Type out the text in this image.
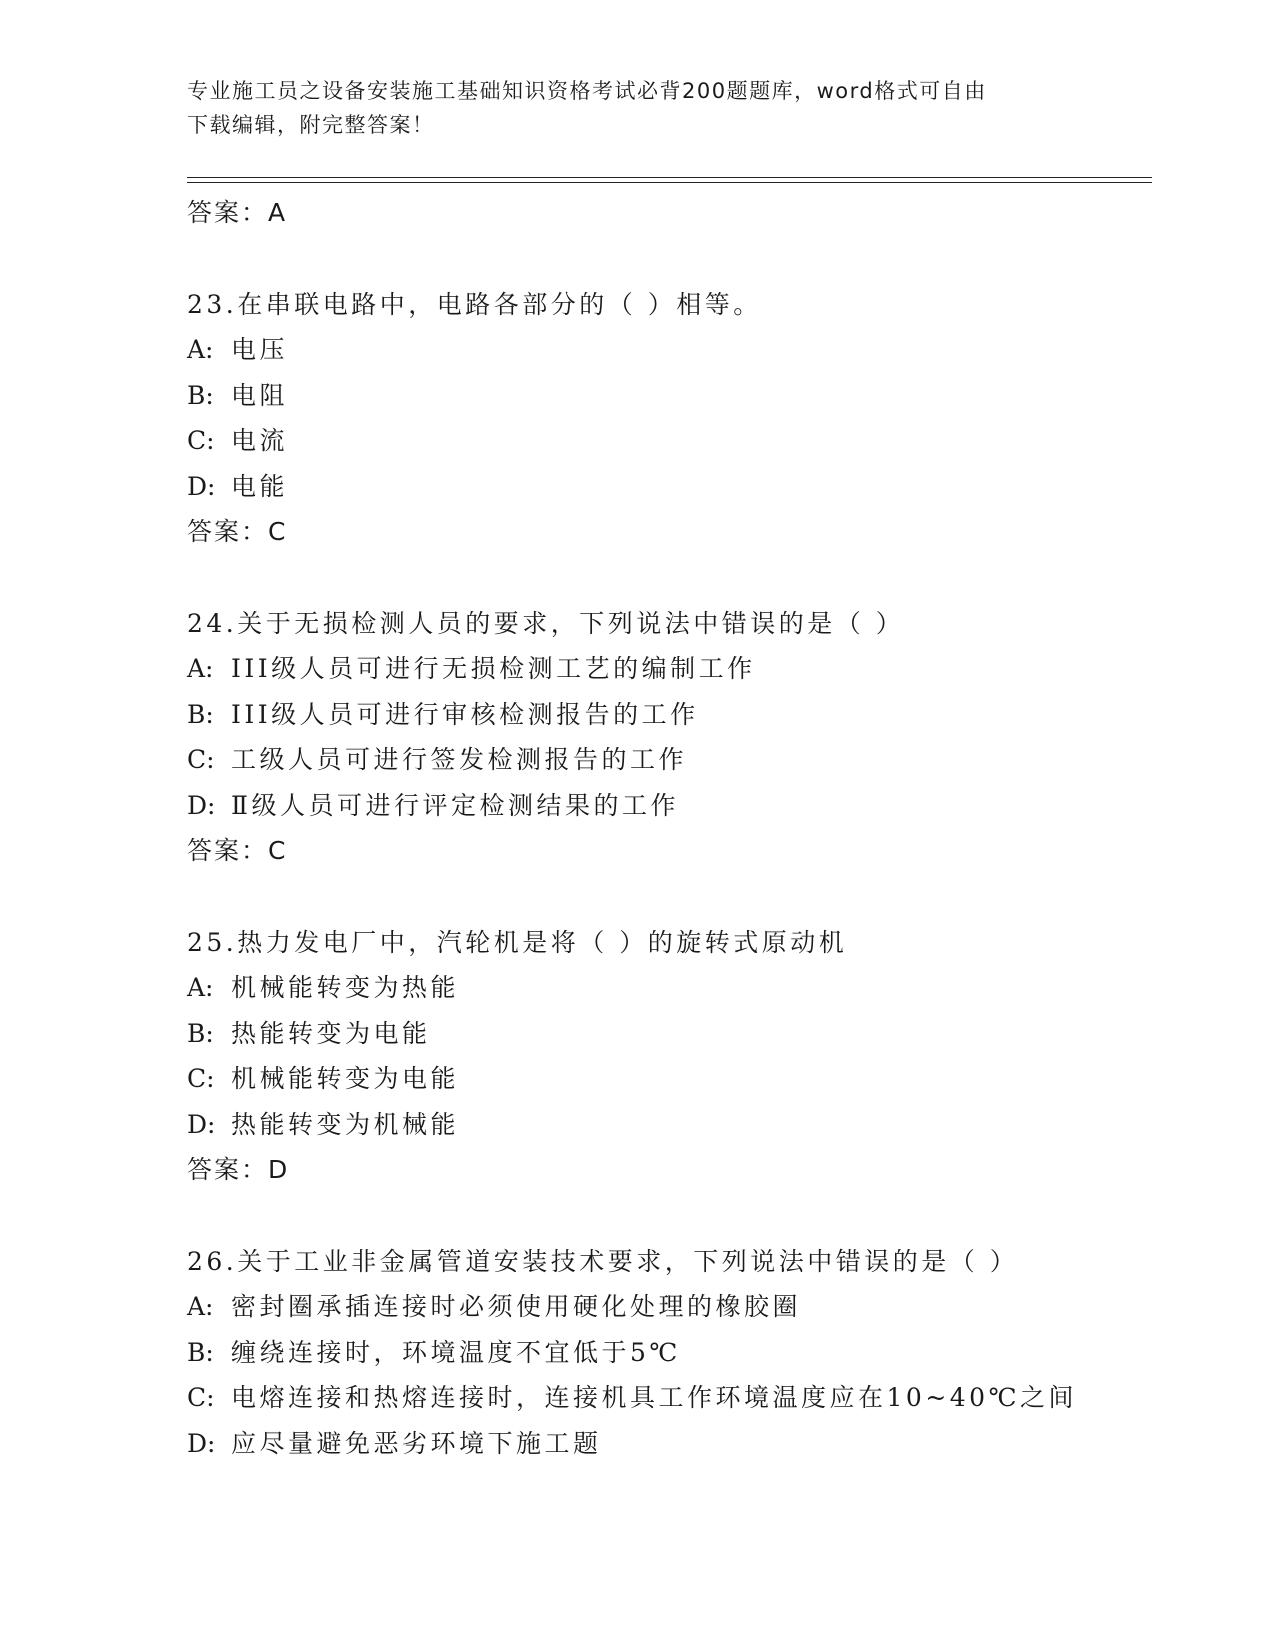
专业施工员之设备安装施工基础知识资格考试必背200题题库，word格式可自由
下载编辑，附完整答案！
答案：A
23.在串联电路中，电路各部分的（ ）相等。
A: 电压
B: 电阻
C: 电流
D: 电能
答案：C
24.关于无损检测人员的要求，下列说法中错误的是（ ）
A: III级人员可进行无损检测工艺的编制工作
B: III级人员可进行审核检测报告的工作
C: 工级人员可进行签发检测报告的工作
D: Ⅱ级人员可进行评定检测结果的工作
答案：C
25.热力发电厂中，汽轮机是将（ ）的旋转式原动机
A: 机械能转变为热能
B: 热能转变为电能
C: 机械能转变为电能
D: 热能转变为机械能
答案：D
26.关于工业非金属管道安装技术要求，下列说法中错误的是（ ）
A: 密封圈承插连接时必须使用硬化处理的橡胶圈
B: 缠绕连接时，环境温度不宜低于5℃
C: 电熔连接和热熔连接时，连接机具工作环境温度应在10~40℃之间
D: 应尽量避免恶劣环境下施工题
